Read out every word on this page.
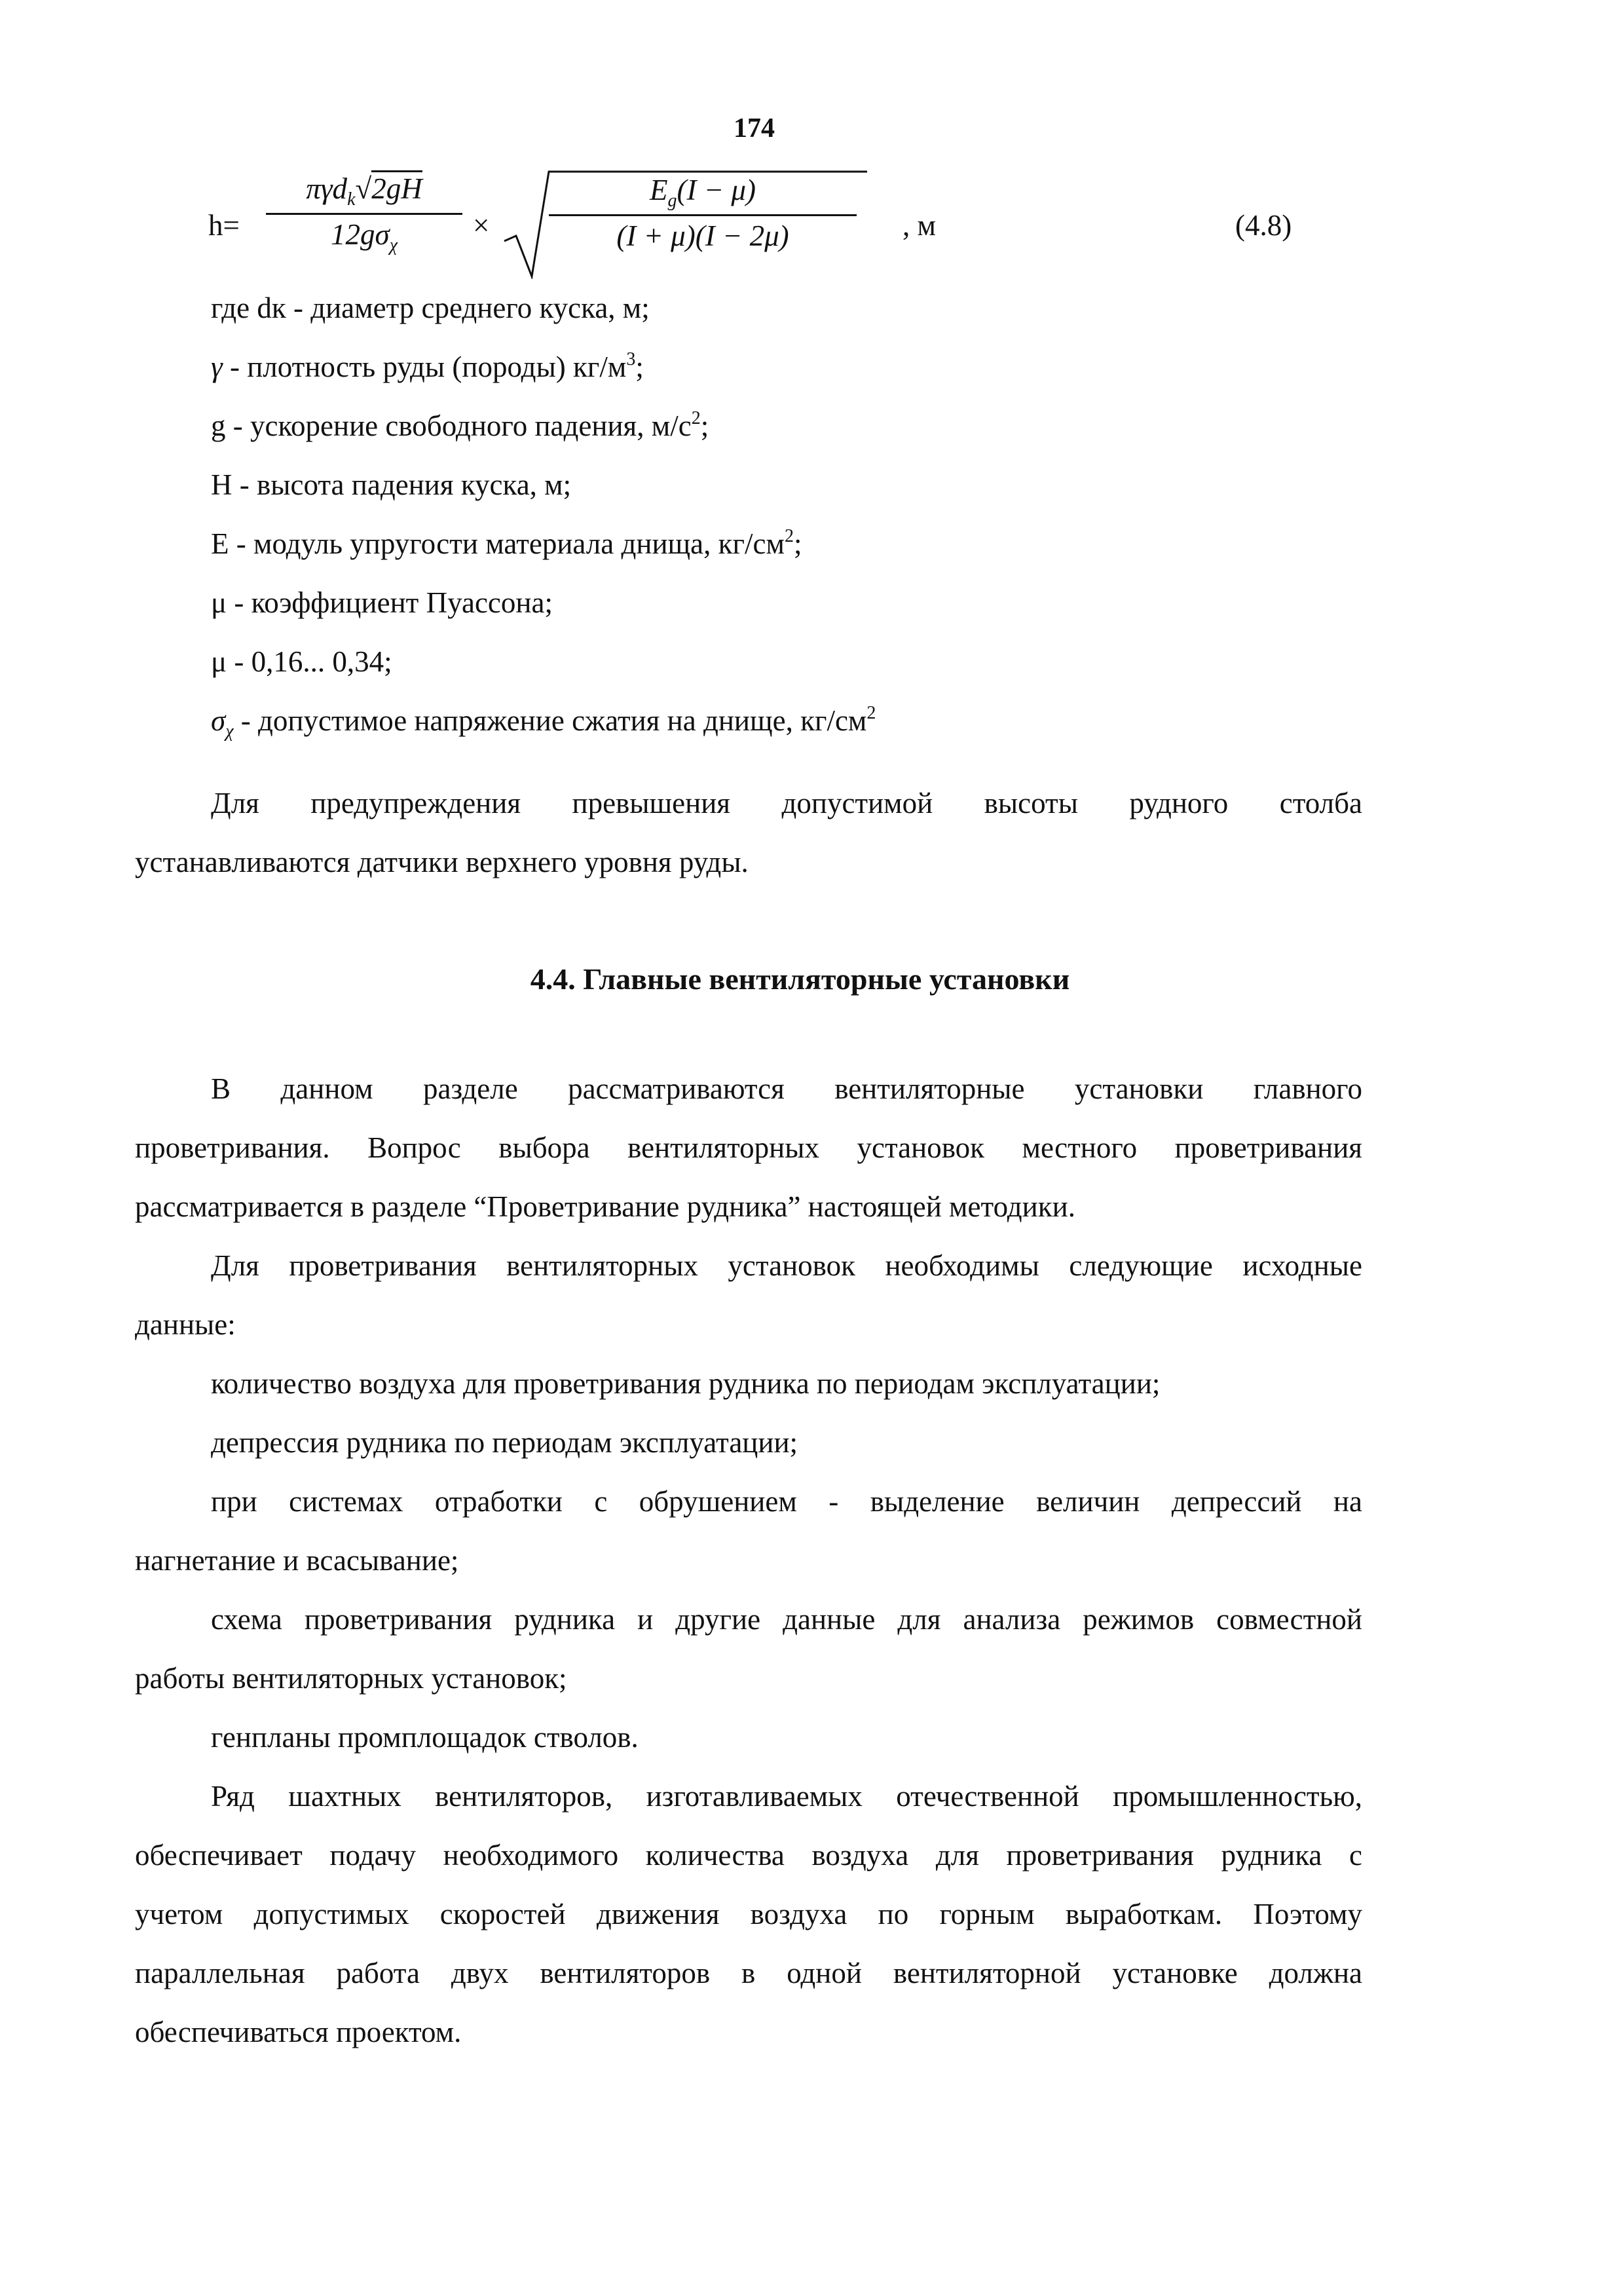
174
h=
πγd$_k$√2gH
$12g\sigma_\chi$
×
$E_g(I - \mu)$
(I + μ)(I − 2μ)	, м	(4.8)
где dк - диаметр среднего куска, м;
γ - плотность руды (породы) $кг/м^3$;
g - ускорение свободного падения, $м/с^2$;
Н - высота падения куска, м;
Е - модуль упругости материала днища, $кг/см^2$;
μ - коэффициент Пуассона;
μ - 0,16... 0,34;
$\sigma_\chi$ - допустимое напряжение сжатия на днище, $кг/см^2$
Для предупреждения превышения допустимой высоты рудного столба
устанавливаются датчики верхнего уровня руды.
4.4. Главные вентиляторные установки
В данном разделе рассматриваются вентиляторные установки главного
проветривания. Вопрос выбора вентиляторных установок местного проветривания
рассматривается в разделе “Проветривание рудника” настоящей методики.
Для проветривания вентиляторных установок необходимы следующие исходные
данные:
количество воздуха для проветривания рудника по периодам эксплуатации;
депрессия рудника по периодам эксплуатации;
при системах отработки с обрушением - выделение величин депрессий на
нагнетание и всасывание;
схема проветривания рудника и другие данные для анализа режимов совместной
работы вентиляторных установок;
генпланы промплощадок стволов.
Ряд шахтных вентиляторов, изготавливаемых отечественной промышленностью,
обеспечивает подачу необходимого количества воздуха для проветривания рудника с
учетом допустимых скоростей движения воздуха по горным выработкам. Поэтому
параллельная работа двух вентиляторов в одной вентиляторной установке должна
обеспечиваться проектом.
